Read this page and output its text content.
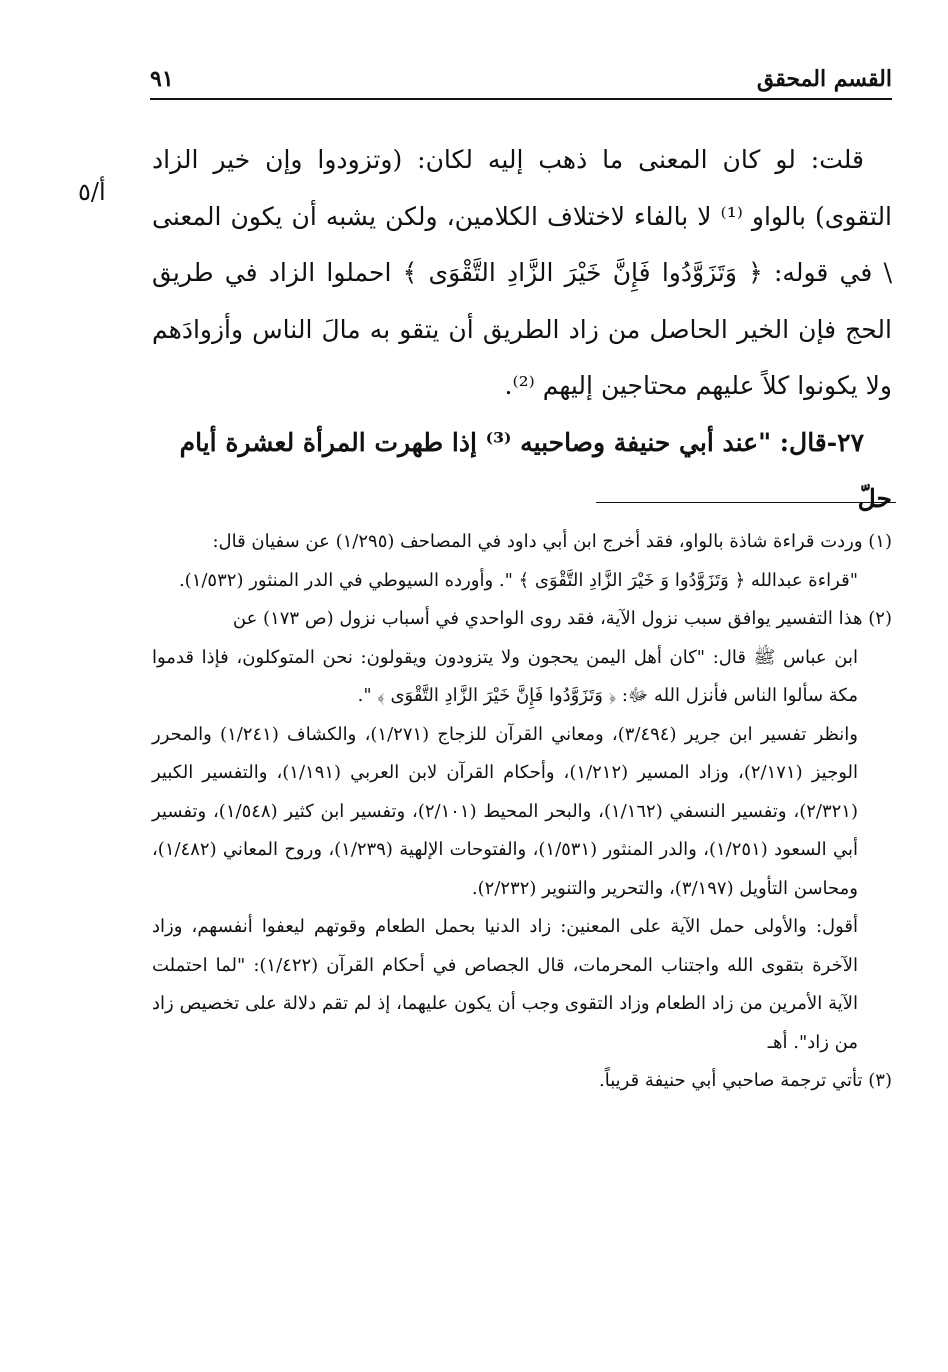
القسم المحقق
٩١
أ/٥

قلت: لو كان المعنى ما ذهب إليه لكان: (وتزودوا وإن خير الزاد التقوى) بالواو ⁽¹⁾ لا بالفاء لاختلاف الكلامين، ولكن يشبه أن يكون المعنى \ في قوله: ﴿ وَتَزَوَّدُوا فَإِنَّ خَيْرَ الزَّادِ التَّقْوَى ﴾ احملوا الزاد في طريق الحج فإن الخير الحاصل من زاد الطريق أن يتقو به مالَ الناس وأزوادَهم ولا يكونوا كلاً عليهم محتاجين إليهم ⁽²⁾.

٢٧-قال: "عند أبي حنيفة وصاحبيه ⁽³⁾ إذا طهرت المرأة لعشرة أيام حلّ

(١) وردت قراءة شاذة بالواو، فقد أخرج ابن أبي داود في المصاحف (١/٢٩٥) عن سفيان قال:

"قراءة عبدالله ﴿ وَتَزَوَّدُوا وَ خَيْرَ الزَّادِ التَّقْوَى ﴾ ". وأورده السيوطي في الدر المنثور (١/٥٣٢).

(٢) هذا التفسير يوافق سبب نزول الآية، فقد روى الواحدي في أسباب نزول (ص ١٧٣) عن

ابن عباس ﷺ قال: "كان أهل اليمن يحجون ولا يتزودون ويقولون: نحن المتوكلون، فإذا قدموا مكة سألوا الناس فأنزل الله ﷻ: ﴿ وَتَزَوَّدُوا فَإِنَّ خَيْرَ الزَّادِ التَّقْوَى ﴾ ".

وانظر تفسير ابن جرير (٣/٤٩٤)، ومعاني القرآن للزجاج (١/٢٧١)، والكشاف (١/٢٤١) والمحرر الوجيز (٢/١٧١)، وزاد المسير (١/٢١٢)، وأحكام القرآن لابن العربي (١/١٩١)، والتفسير الكبير (٢/٣٢١)، وتفسير النسفي (١/١٦٢)، والبحر المحيط (٢/١٠١)، وتفسير ابن كثير (١/٥٤٨)، وتفسير أبي السعود (١/٢٥١)، والدر المنثور (١/٥٣١)، والفتوحات الإلهية (١/٢٣٩)، وروح المعاني (١/٤٨٢)، ومحاسن التأويل (٣/١٩٧)، والتحرير والتنوير (٢/٢٣٢).

أقول: والأولى حمل الآية على المعنين: زاد الدنيا بحمل الطعام وقوتهم ليعفوا أنفسهم، وزاد الآخرة بتقوى الله واجتناب المحرمات، قال الجصاص في أحكام القرآن (١/٤٢٢): "لما احتملت الآية الأمرين من زاد الطعام وزاد التقوى وجب أن يكون عليهما، إذ لم تقم دلالة على تخصيص زاد من زاد". أهـ

(٣) تأتي ترجمة صاحبي أبي حنيفة قريباً.
